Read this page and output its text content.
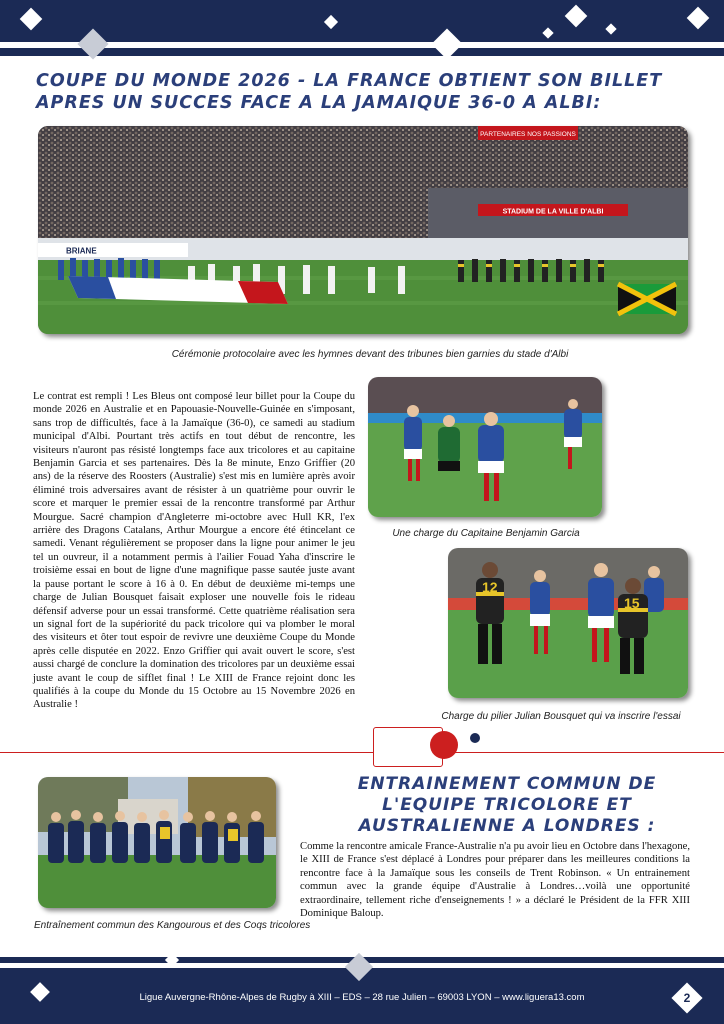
COUPE DU MONDE 2026 - LA FRANCE OBTIENT SON BILLET
APRES UN SUCCES FACE A LA JAMAIQUE 36-0 A ALBI:
STADIUM DE LA VILLE D'ALBI
PARTENAIRES NOS PASSIONS
BRIANE
Cérémonie protocolaire avec les hymnes devant des tribunes bien garnies du stade d'Albi
Le contrat est rempli ! Les Bleus ont composé leur billet pour la Coupe du monde 2026 en Australie et en Papouasie-Nouvelle-Guinée en s'imposant, sans trop de difficultés, face à la Jamaïque (36-0), ce samedi au stadium municipal d'Albi. Pourtant très actifs en tout début de rencontre, les visiteurs n'auront pas résisté longtemps face aux tricolores et au capitaine Benjamin Garcia et ses partenaires. Dès la 8e minute, Enzo Griffier (20 ans) de la réserve des Roosters (Australie) s'est mis en lumière après avoir éliminé trois adversaires avant de résister à un quatrième pour ouvrir le score et marquer le premier essai de la rencontre transformé par Arthur Mourgue. Sacré champion d'Angleterre mi-octobre avec Hull KR, l'ex arrière des Dragons Catalans, Arthur Mourgue a encore été étincelant ce samedi. Venant régulièrement se proposer dans la ligne pour animer le jeu tel un ouvreur, il a notamment permis à l'ailier Fouad Yaha d'inscrire le troisième essai en bout de ligne d'une magnifique passe sautée juste avant la pause portant le score à 16 à 0. En début de deuxième mi-temps une charge de Julian Bousquet faisait exploser une nouvelle fois le rideau défensif adverse pour un essai transformé. Cette quatrième réalisation sera un signal fort de la supériorité du pack tricolore qui va plomber le moral des visiteurs et ôter tout espoir de revivre une deuxième Coupe du Monde après celle disputée en 2022. Enzo Griffier qui avait ouvert le score, s'est aussi chargé de conclure la domination des tricolores par un deuxième essai juste avant le coup de sifflet final ! Le XIII de France rejoint donc les qualifiés à la coupe du Monde du 15 Octobre au 15 Novembre 2026 en Australie !
Une charge du Capitaine Benjamin Garcia
12
15
Charge du pilier Julian Bousquet qui va inscrire l'essai
Entraînement commun des Kangourous et des Coqs tricolores
ENTRAINEMENT COMMUN DE
L'EQUIPE TRICOLORE ET
AUSTRALIENNE A LONDRES :
Comme la rencontre amicale France-Australie n'a pu avoir lieu en Octobre dans l'hexagone, le XIII de France s'est déplacé à Londres pour préparer dans les meilleures conditions la rencontre face à la Jamaïque sous les conseils de Trent Robinson. « Un entrainement commun avec la grande équipe d'Australie à Londres…voilà une opportunité extraordinaire, tellement riche d'enseignements ! » a déclaré le Président de la FFR XIII Dominique Baloup.
Ligue Auvergne-Rhône-Alpes de Rugby à XIII – EDS – 28 rue Julien – 69003 LYON – www.liguera13.com	2
